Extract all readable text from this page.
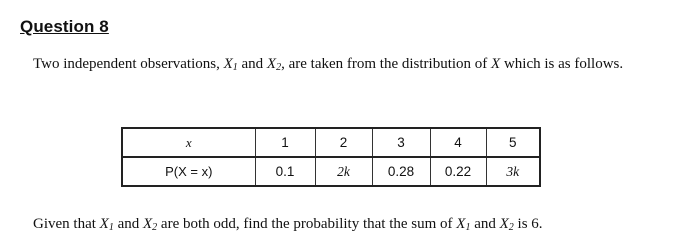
Question 8
Two independent observations, $X_1$ and $X_2$, are taken from the distribution of X which is as follows.
x	1	2	3	4	5
P(X = x)	0.1	2k	0.28	0.22	3k
Given that $X_1$ and $X_2$ are both odd, find the probability that the sum of $X_1$ and $X_2$ is 6.
